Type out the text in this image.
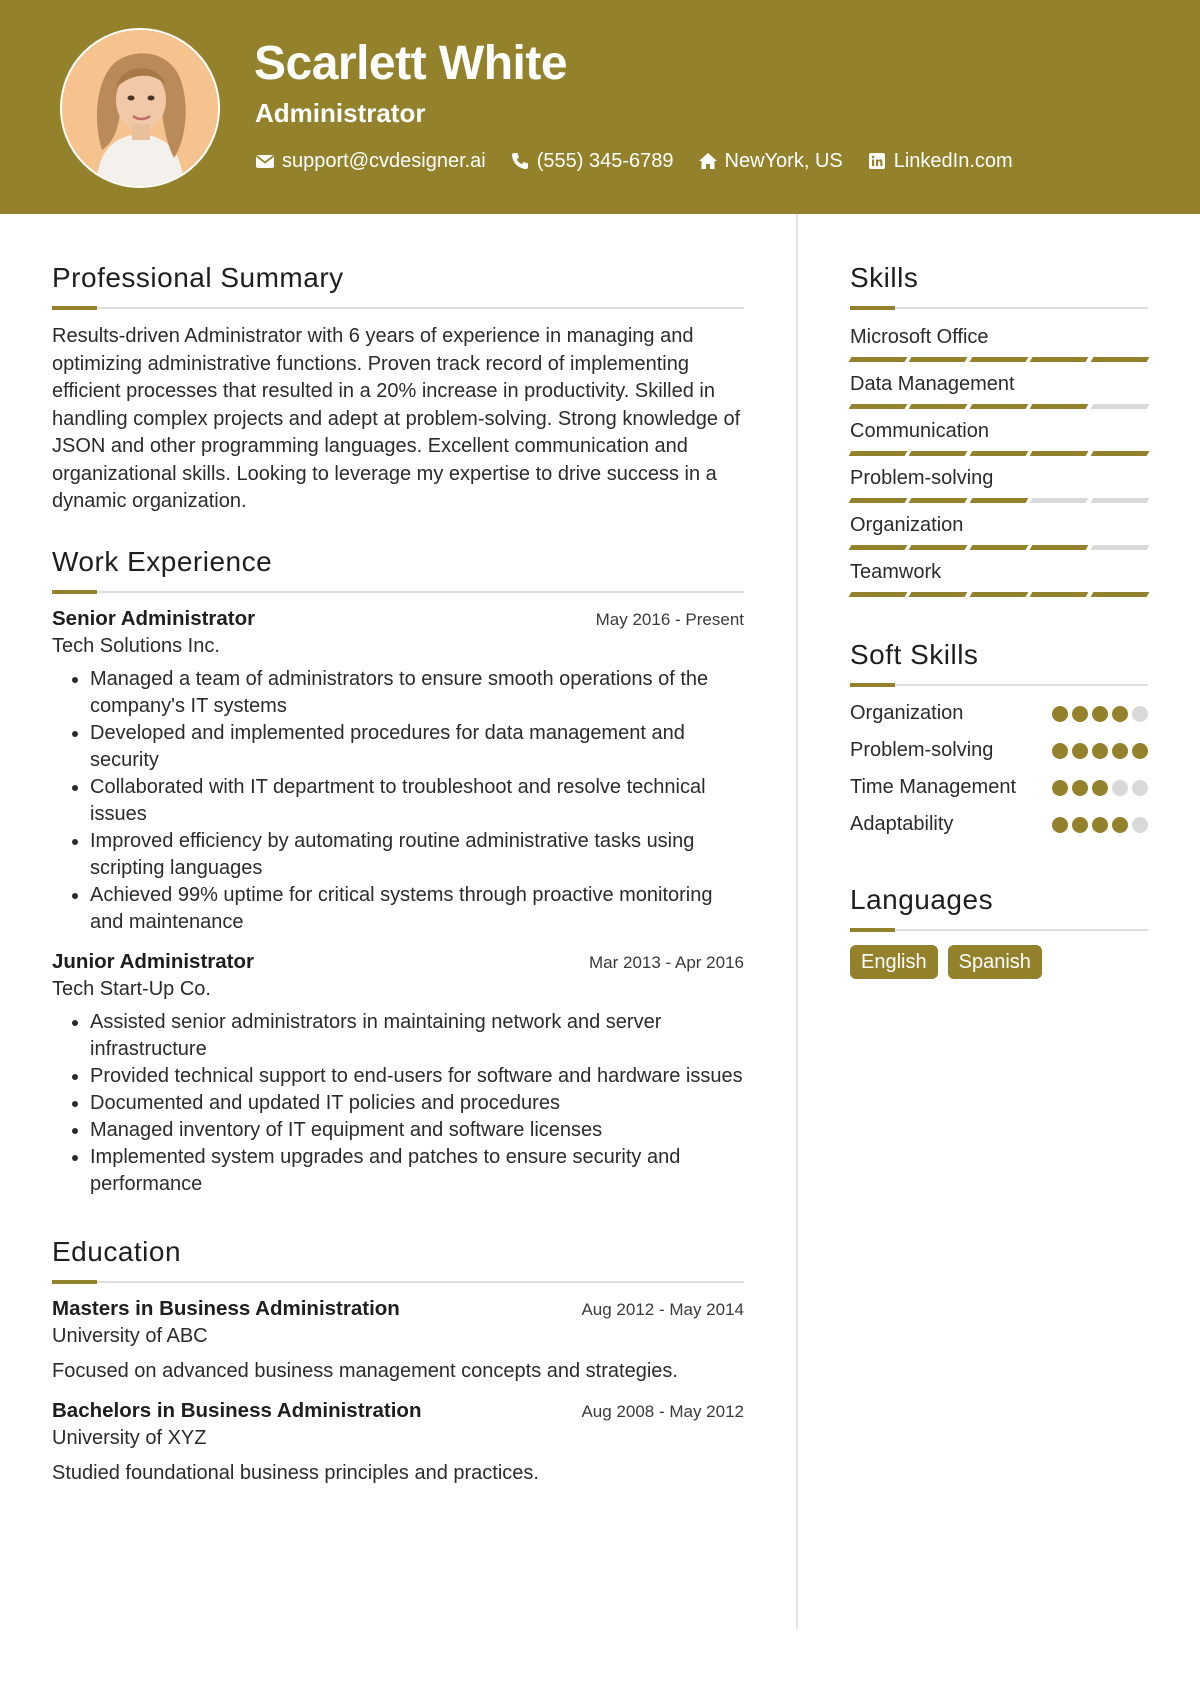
Scarlett White
Administrator
support@cvdesigner.ai	(555) 345-6789	NewYork, US	LinkedIn.com
Professional Summary

Results-driven Administrator with 6 years of experience in managing and optimizing administrative functions. Proven track record of implementing efficient processes that resulted in a 20% increase in productivity. Skilled in handling complex projects and adept at problem-solving. Strong knowledge of JSON and other programming languages. Excellent communication and organizational skills. Looking to leverage my expertise to drive success in a dynamic organization.

Work Experience
Senior Administrator	May 2016 - Present
Tech Solutions Inc.
• Managed a team of administrators to ensure smooth operations of the company's IT systems
• Developed and implemented procedures for data management and security
• Collaborated with IT department to troubleshoot and resolve technical issues
• Improved efficiency by automating routine administrative tasks using scripting languages
• Achieved 99% uptime for critical systems through proactive monitoring and maintenance
Junior Administrator	Mar 2013 - Apr 2016
Tech Start-Up Co.
• Assisted senior administrators in maintaining network and server infrastructure
• Provided technical support to end-users for software and hardware issues
• Documented and updated IT policies and procedures
• Managed inventory of IT equipment and software licenses
• Implemented system upgrades and patches to ensure security and performance
Education
Masters in Business Administration	Aug 2012 - May 2014
University of ABC

Focused on advanced business management concepts and strategies.

Bachelors in Business Administration	Aug 2008 - May 2012
University of XYZ

Studied foundational business principles and practices.

Skills
Microsoft Office
Data Management
Communication
Problem-solving
Organization
Teamwork
Soft Skills
Organization
Problem-solving
Time Management
Adaptability
Languages
English	Spanish
